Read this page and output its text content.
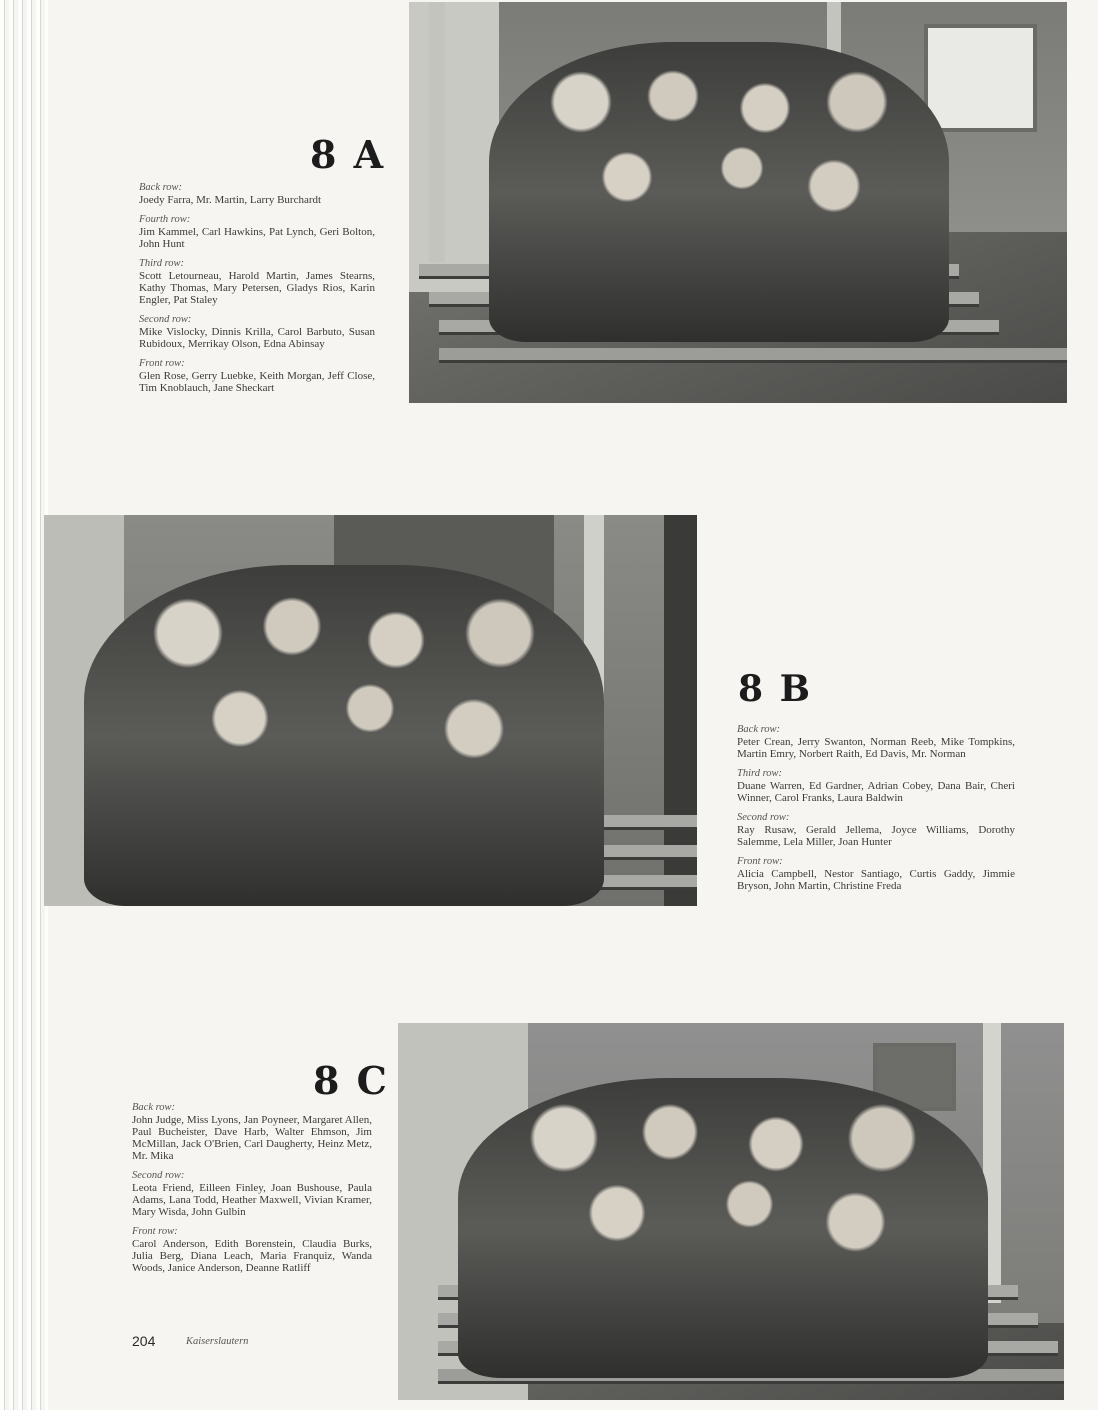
8 A
Back row:
Joedy Farra, Mr. Martin, Larry Burchardt
Fourth row:
Jim Kammel, Carl Hawkins, Pat Lynch, Geri Bolton, John Hunt
Third row:
Scott Letourneau, Harold Martin, James Stearns, Kathy Thomas, Mary Petersen, Gladys Rios, Karin Engler, Pat Staley
Second row:
Mike Vislocky, Dinnis Krilla, Carol Barbuto, Susan Rubidoux, Merrikay Olson, Edna Abinsay
Front row:
Glen Rose, Gerry Luebke, Keith Morgan, Jeff Close, Tim Knoblauch, Jane Sheckart
8 B
Back row:
Peter Crean, Jerry Swanton, Norman Reeb, Mike Tompkins, Martin Emry, Norbert Raith, Ed Davis, Mr. Norman
Third row:
Duane Warren, Ed Gardner, Adrian Cobey, Dana Bair, Cheri Winner, Carol Franks, Laura Baldwin
Second row:
Ray Rusaw, Gerald Jellema, Joyce Williams, Dorothy Salemme, Lela Miller, Joan Hunter
Front row:
Alicia Campbell, Nestor Santiago, Curtis Gaddy, Jimmie Bryson, John Martin, Christine Freda
8 C
Back row:
John Judge, Miss Lyons, Jan Poyneer, Margaret Allen, Paul Bucheister, Dave Harb, Walter Ehmson, Jim McMillan, Jack O'Brien, Carl Daugherty, Heinz Metz, Mr. Mika
Second row:
Leota Friend, Eilleen Finley, Joan Bushouse, Paula Adams, Lana Todd, Heather Maxwell, Vivian Kramer, Mary Wisda, John Gulbin
Front row:
Carol Anderson, Edith Borenstein, Claudia Burks, Julia Berg, Diana Leach, Maria Franquiz, Wanda Woods, Janice Anderson, Deanne Ratliff
204	Kaiserslautern
